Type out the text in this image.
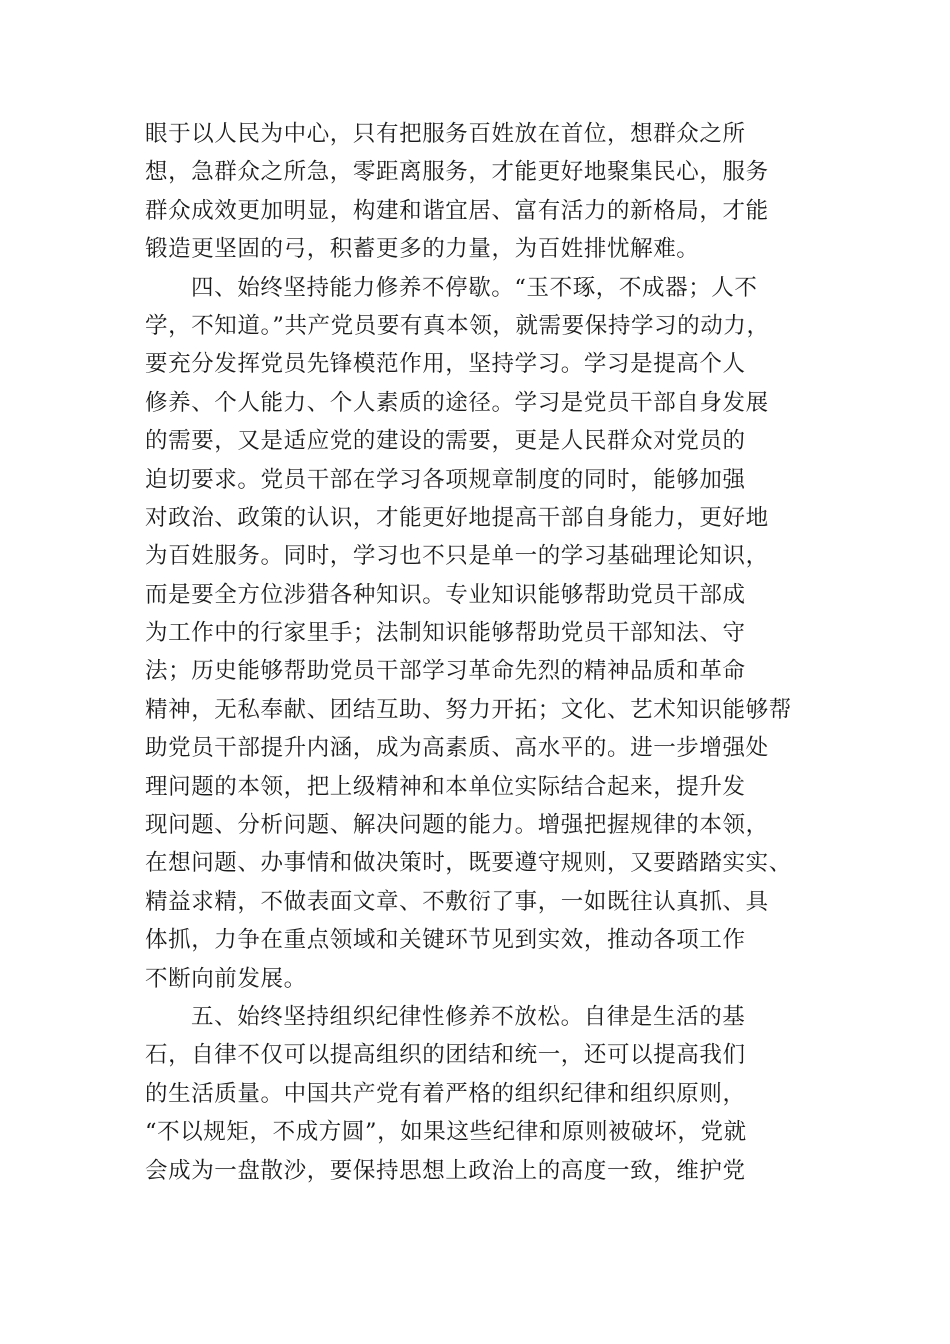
眼于以人民为中心，只有把服务百姓放在首位，想群众之所
想，急群众之所急，零距离服务，才能更好地聚集民心，服务
群众成效更加明显，构建和谐宜居、富有活力的新格局，才能
锻造更坚固的弓，积蓄更多的力量，为百姓排忧解难。
四、始终坚持能力修养不停歇。“玉不琢，不成器；人不
学，不知道。”共产党员要有真本领，就需要保持学习的动力，
要充分发挥党员先锋模范作用，坚持学习。学习是提高个人
修养、个人能力、个人素质的途径。学习是党员干部自身发展
的需要，又是适应党的建设的需要，更是人民群众对党员的
迫切要求。党员干部在学习各项规章制度的同时，能够加强
对政治、政策的认识，才能更好地提高干部自身能力，更好地
为百姓服务。同时，学习也不只是单一的学习基础理论知识，
而是要全方位涉猎各种知识。专业知识能够帮助党员干部成
为工作中的行家里手；法制知识能够帮助党员干部知法、守
法；历史能够帮助党员干部学习革命先烈的精神品质和革命
精神，无私奉献、团结互助、努力开拓；文化、艺术知识能够帮
助党员干部提升内涵，成为高素质、高水平的。进一步增强处
理问题的本领，把上级精神和本单位实际结合起来，提升发
现问题、分析问题、解决问题的能力。增强把握规律的本领，
在想问题、办事情和做决策时，既要遵守规则，又要踏踏实实、
精益求精，不做表面文章、不敷衍了事，一如既往认真抓、具
体抓，力争在重点领域和关键环节见到实效，推动各项工作
不断向前发展。
五、始终坚持组织纪律性修养不放松。自律是生活的基
石，自律不仅可以提高组织的团结和统一，还可以提高我们
的生活质量。中国共产党有着严格的组织纪律和组织原则，
“不以规矩，不成方圆”，如果这些纪律和原则被破坏，党就
会成为一盘散沙，要保持思想上政治上的高度一致，维护党
